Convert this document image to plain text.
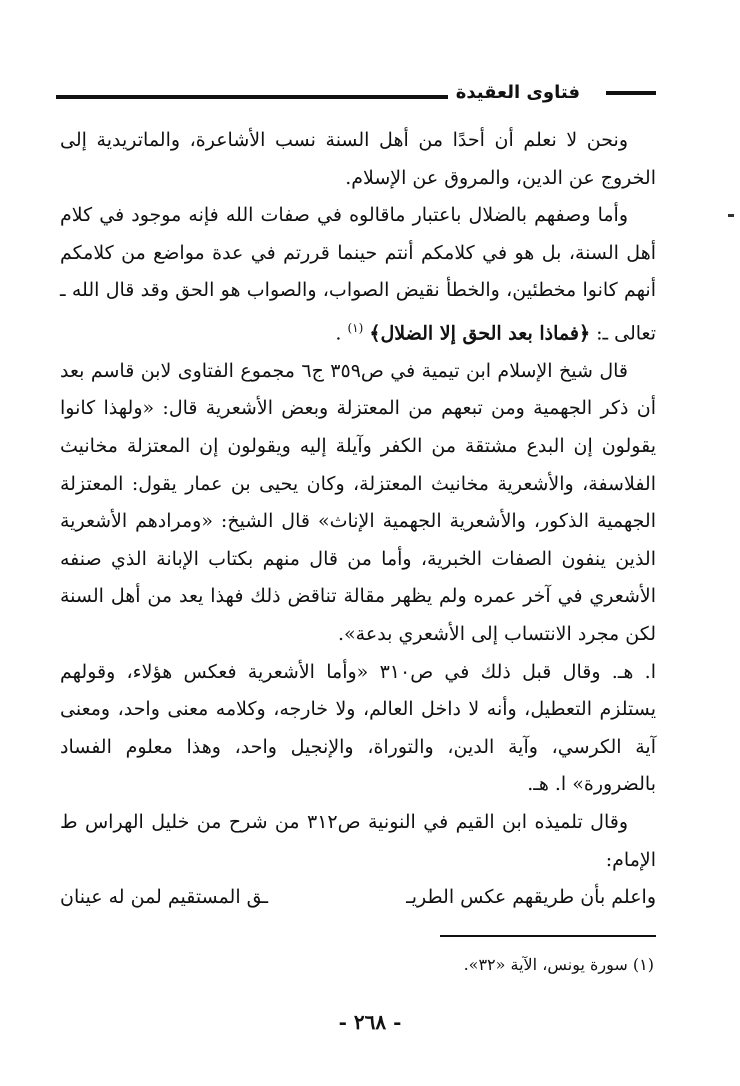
فتاوى العقيدة

ونحن لا نعلم أن أحدًا من أهل السنة نسب الأشاعرة، والماتريدية إلى الخروج عن الدين، والمروق عن الإسلام.

وأما وصفهم بالضلال باعتبار ماقالوه في صفات الله فإنه موجود في كلام أهل السنة، بل هو في كلامكم أنتم حينما قررتم في عدة مواضع من كلامكم أنهم كانوا مخطئين، والخطأ نقيض الصواب، والصواب هو الحق وقد قال الله ـ تعالى ـ: ﴿فماذا بعد الحق إلا الضلال﴾ $^{(١)}$ .

قال شيخ الإسلام ابن تيمية في ص٣٥٩ ج٦ مجموع الفتاوى لابن قاسم بعد أن ذكر الجهمية ومن تبعهم من المعتزلة وبعض الأشعرية قال: «ولهذا كانوا يقولون إن البدع مشتقة من الكفر وآيلة إليه ويقولون إن المعتزلة مخانيث الفلاسفة، والأشعرية مخانيث المعتزلة، وكان يحيى بن عمار يقول: المعتزلة الجهمية الذكور، والأشعرية الجهمية الإناث» قال الشيخ: «ومرادهم الأشعرية الذين ينفون الصفات الخبرية، وأما من قال منهم بكتاب الإبانة الذي صنفه الأشعري في آخر عمره ولم يظهر مقالة تناقض ذلك فهذا يعد من أهل السنة لكن مجرد الانتساب إلى الأشعري بدعة».

ا. هـ. وقال قبل ذلك في ص٣١٠ «وأما الأشعرية فعكس هؤلاء، وقولهم يستلزم التعطيل، وأنه لا داخل العالم، ولا خارجه، وكلامه معنى واحد، ومعنى آية الكرسي، وآية الدين، والتوراة، والإنجيل واحد، وهذا معلوم الفساد بالضرورة» ا. هـ.

وقال تلميذه ابن القيم في النونية ص٣١٢ من شرح من خليل الهراس ط الإمام:

واعلم بأن طريقهم عكس الطريـ
ـق المستقيم لمن له عينان
(١) سورة يونس، الآية «٣٢».
- ٢٦٨ -
